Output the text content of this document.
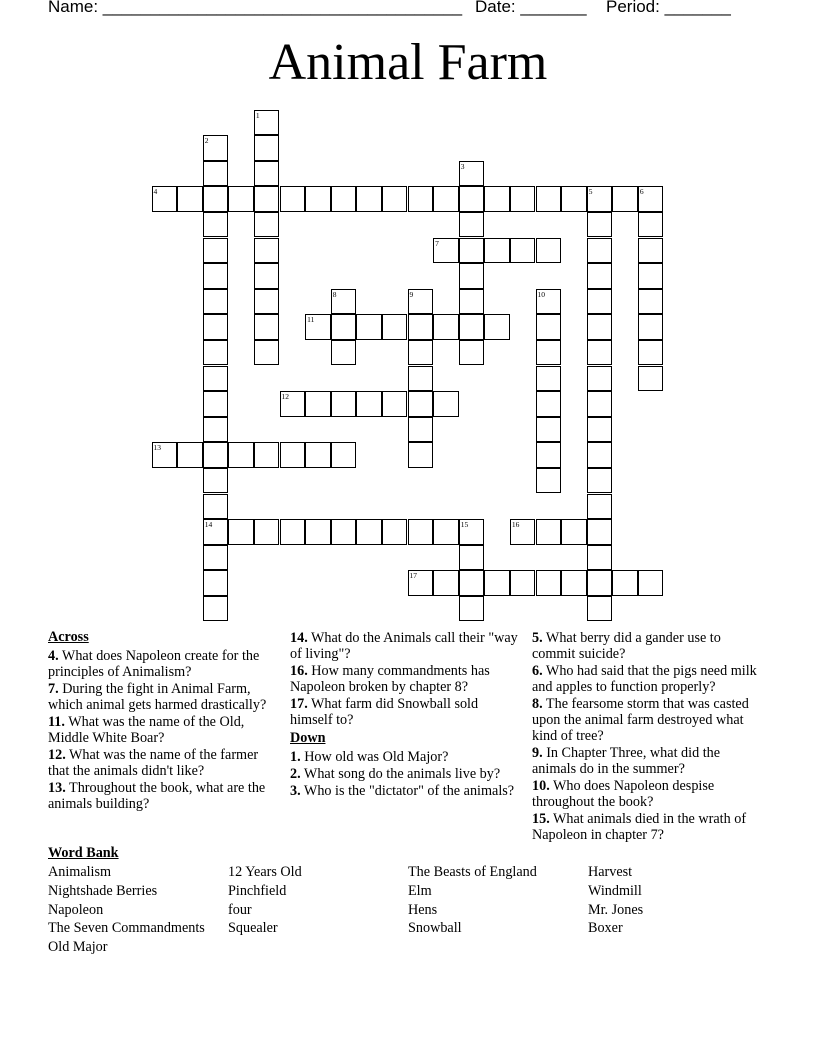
Name: ______________________________________ Date: _______ Period: _______
Animal Farm
4	5	6
7
11
12
13
14	16
17
1
2
3
8	9	10
15
Across
4. What does Napoleon create for the principles of Animalism?
7. During the fight in Animal Farm, which animal gets harmed drastically?
11. What was the name of the Old, Middle White Boar?
12. What was the name of the farmer that the animals didn't like?
13. Throughout the book, what are the animals building?
14. What do the Animals call their "way of living"?
16. How many commandments has Napoleon broken by chapter 8?
17. What farm did Snowball sold himself to?
Down
1. How old was Old Major?
2. What song do the animals live by?
3. Who is the "dictator" of the animals?
5. What berry did a gander use to commit suicide?
6. Who had said that the pigs need milk and apples to function properly?
8. The fearsome storm that was casted upon the animal farm destroyed what kind of tree?
9. In Chapter Three, what did the animals do in the summer?
10. Who does Napoleon despise throughout the book?
15. What animals died in the wrath of Napoleon in chapter 7?
Word Bank
Animalism
Nightshade Berries
Napoleon
The Seven Commandments
Old Major
12 Years Old
Pinchfield
four
Squealer
The Beasts of England
Elm
Hens
Snowball
Harvest
Windmill
Mr. Jones
Boxer
